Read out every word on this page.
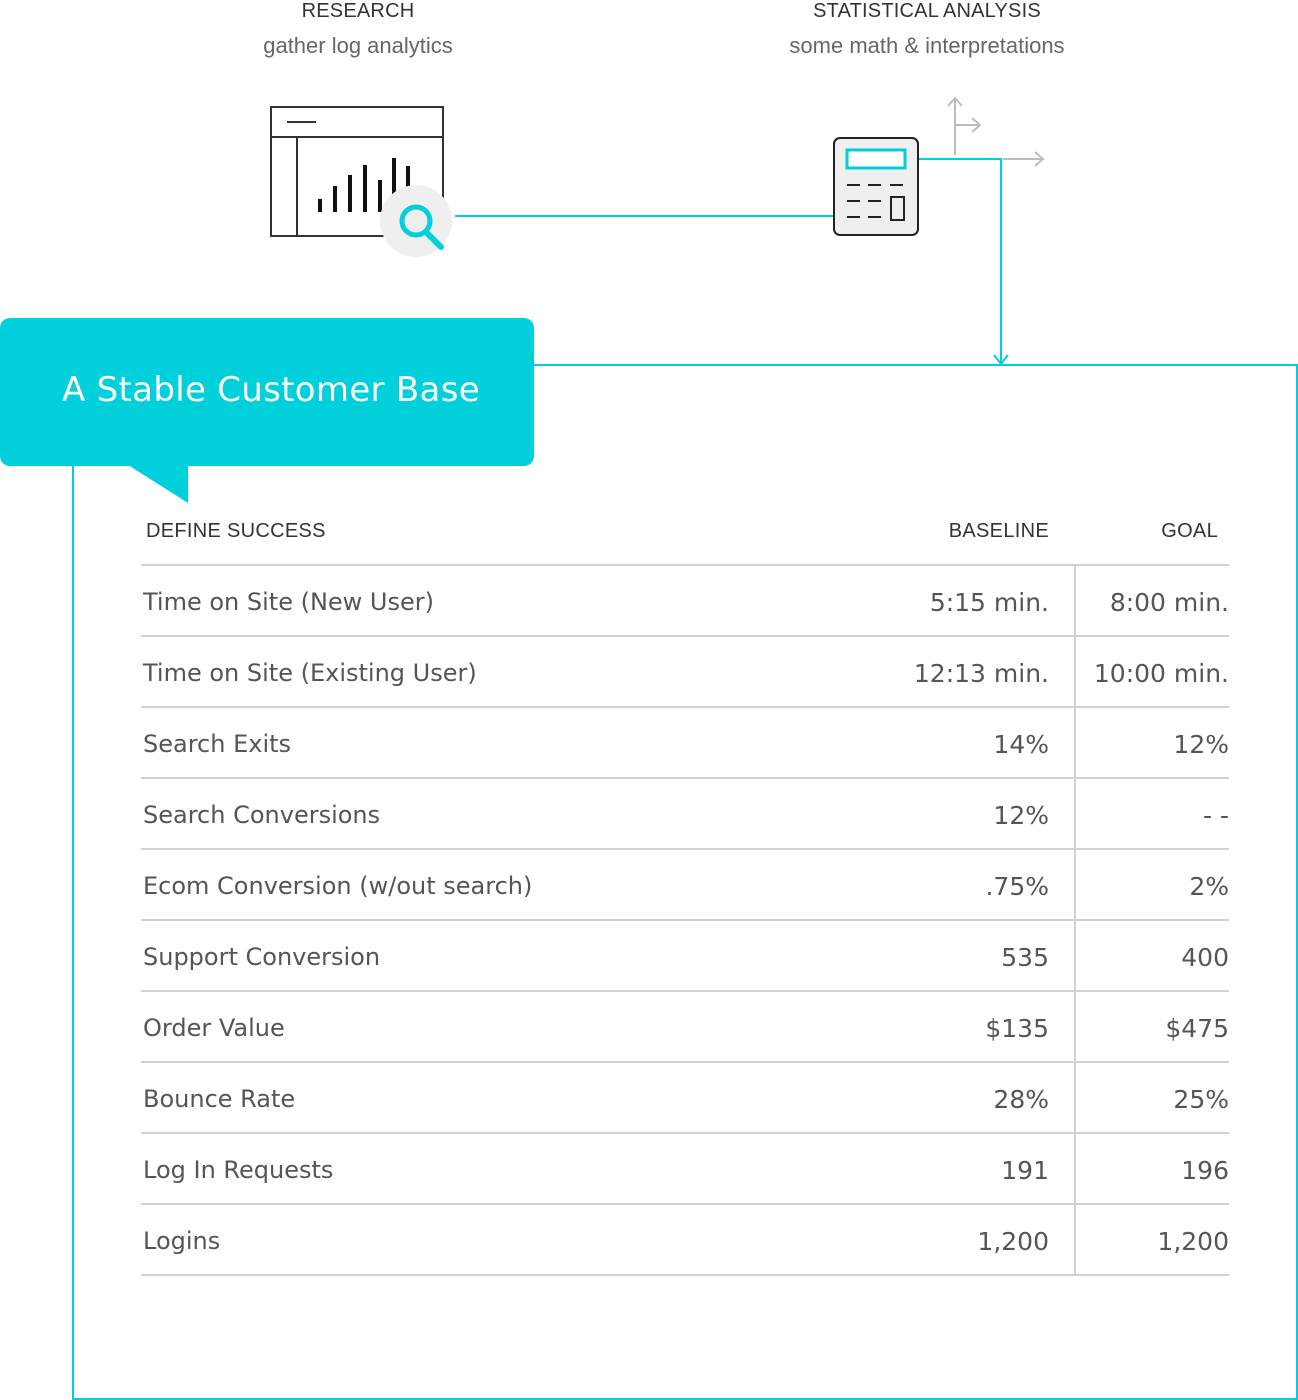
RESEARCH
gather log analytics
STATISTICAL ANALYSIS
some math & interpretations
A Stable Customer Base
DEFINE SUCCESS	BASELINE	GOAL
Time on Site (New User)	5:15 min. 8:00 min.
Time on Site (Existing User)	12:13 min. 10:00 min.
Search Exits	14%	12%
Search Conversions	12%	- -
Ecom Conversion (w/out search)	.75%	2%
Support Conversion	535	400
Order Value	$135	$475
Bounce Rate	28%	25%
Log In Requests	191	196
Logins	1,200	1,200
